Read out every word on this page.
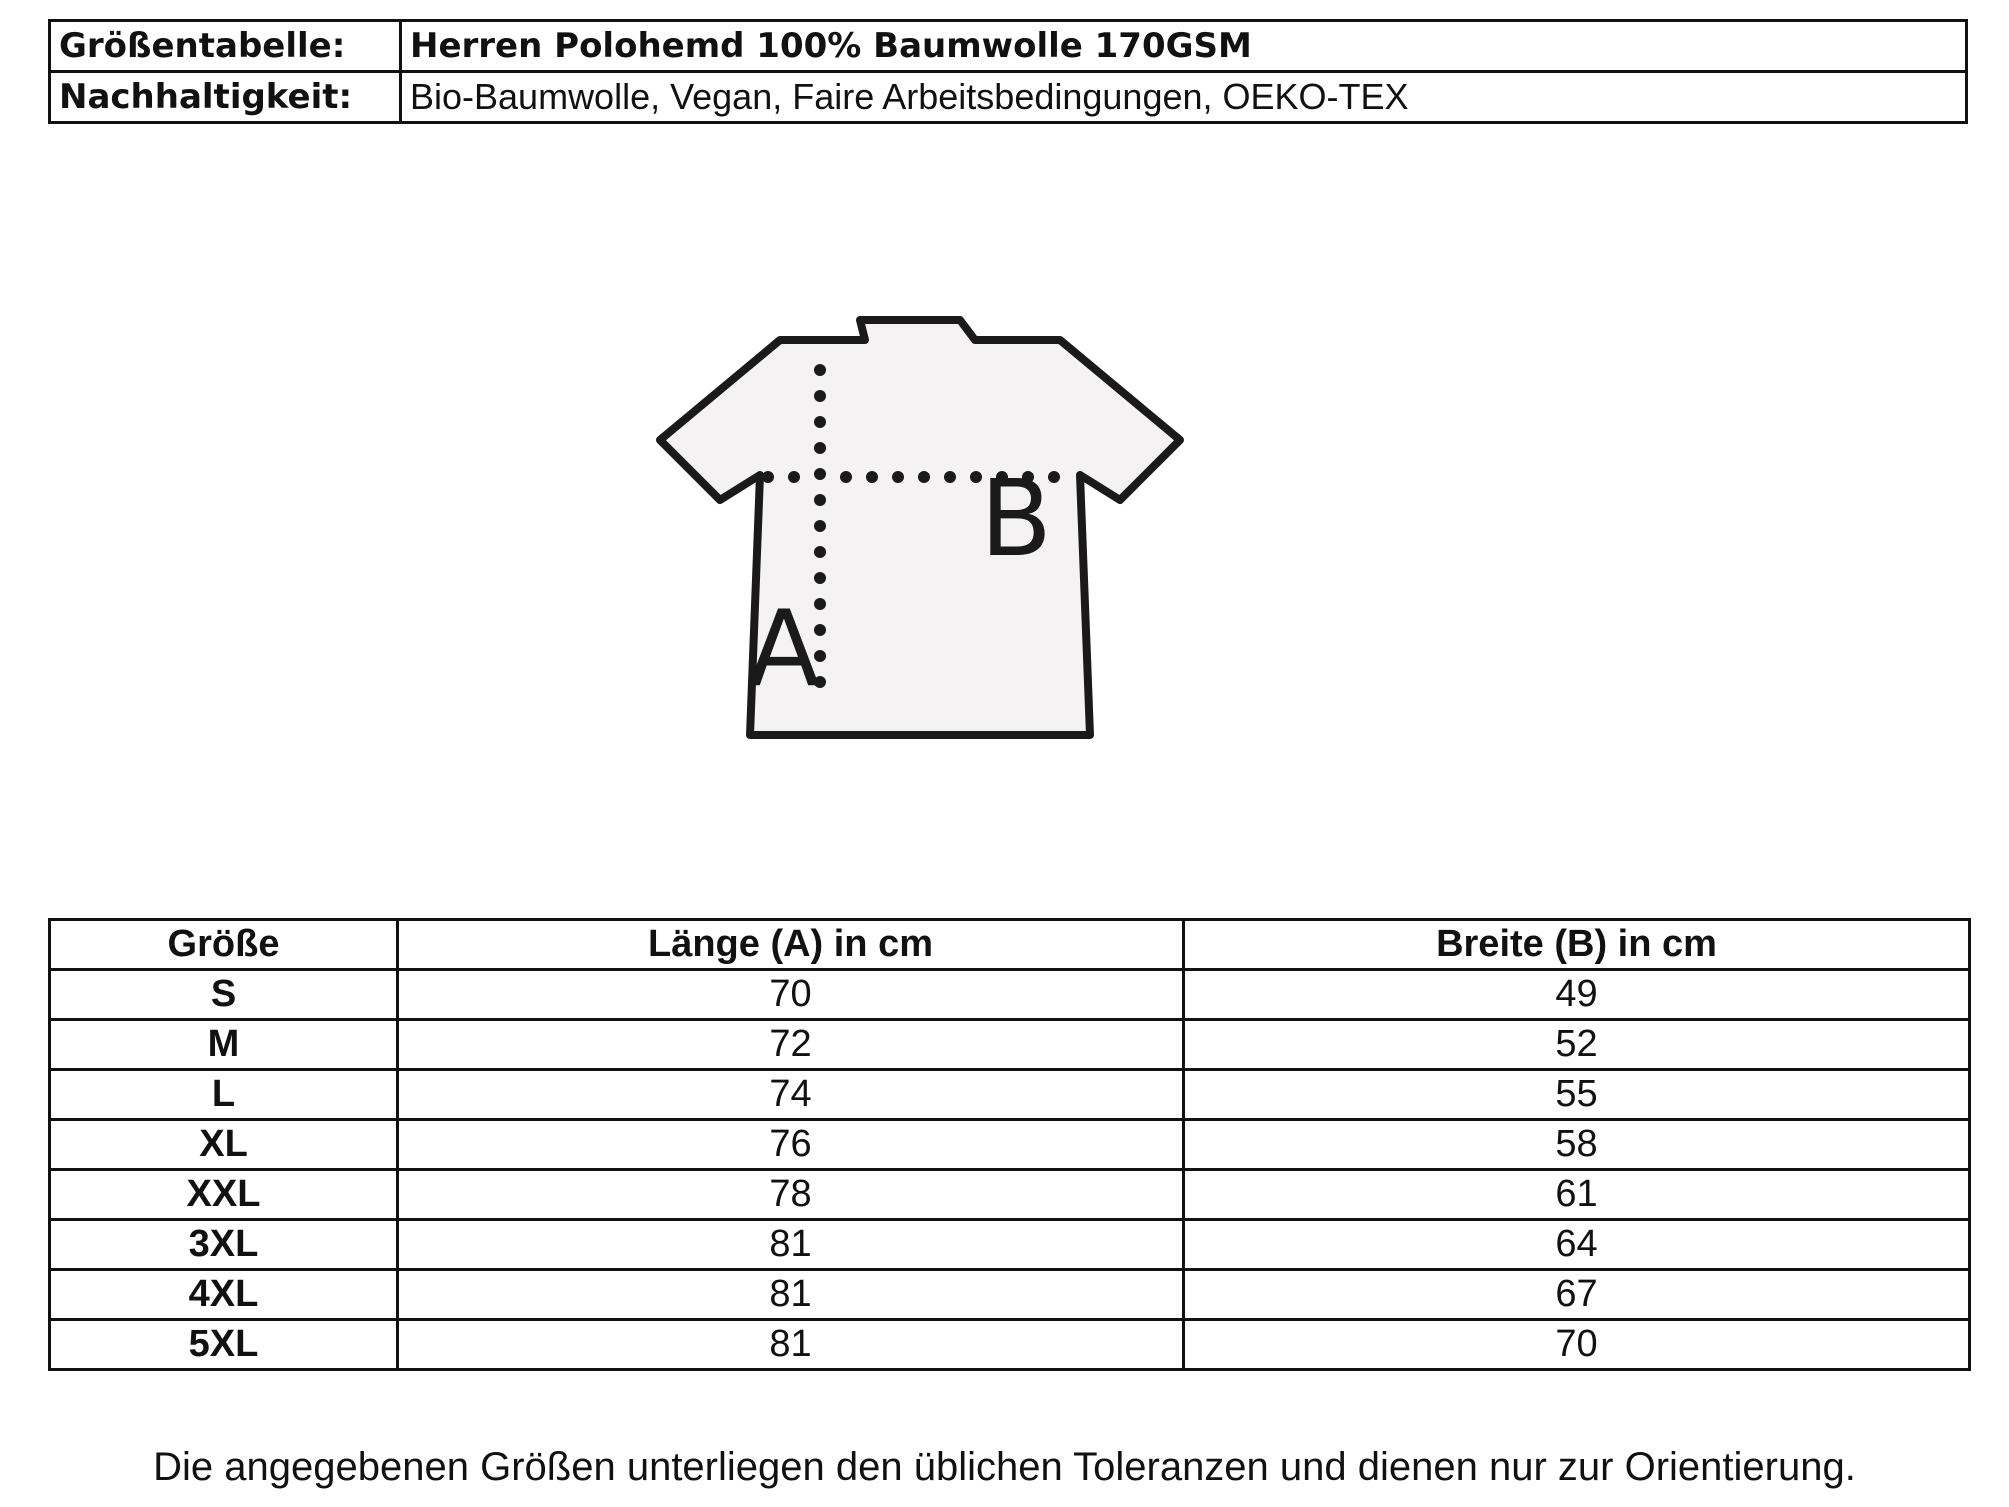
Größentabelle:	Herren Polohemd 100% Baumwolle 170GSM
Nachhaltigkeit:	Bio-Baumwolle, Vegan, Faire Arbeitsbedingungen, OEKO-TEX
A
B
Größe	Länge (A) in cm	Breite (B) in cm
S	70	49
M	72	52
L	74	55
XL	76	58
XXL	78	61
3XL	81	64
4XL	81	67
5XL	81	70
Die angegebenen Größen unterliegen den üblichen Toleranzen und dienen nur zur Orientierung.
